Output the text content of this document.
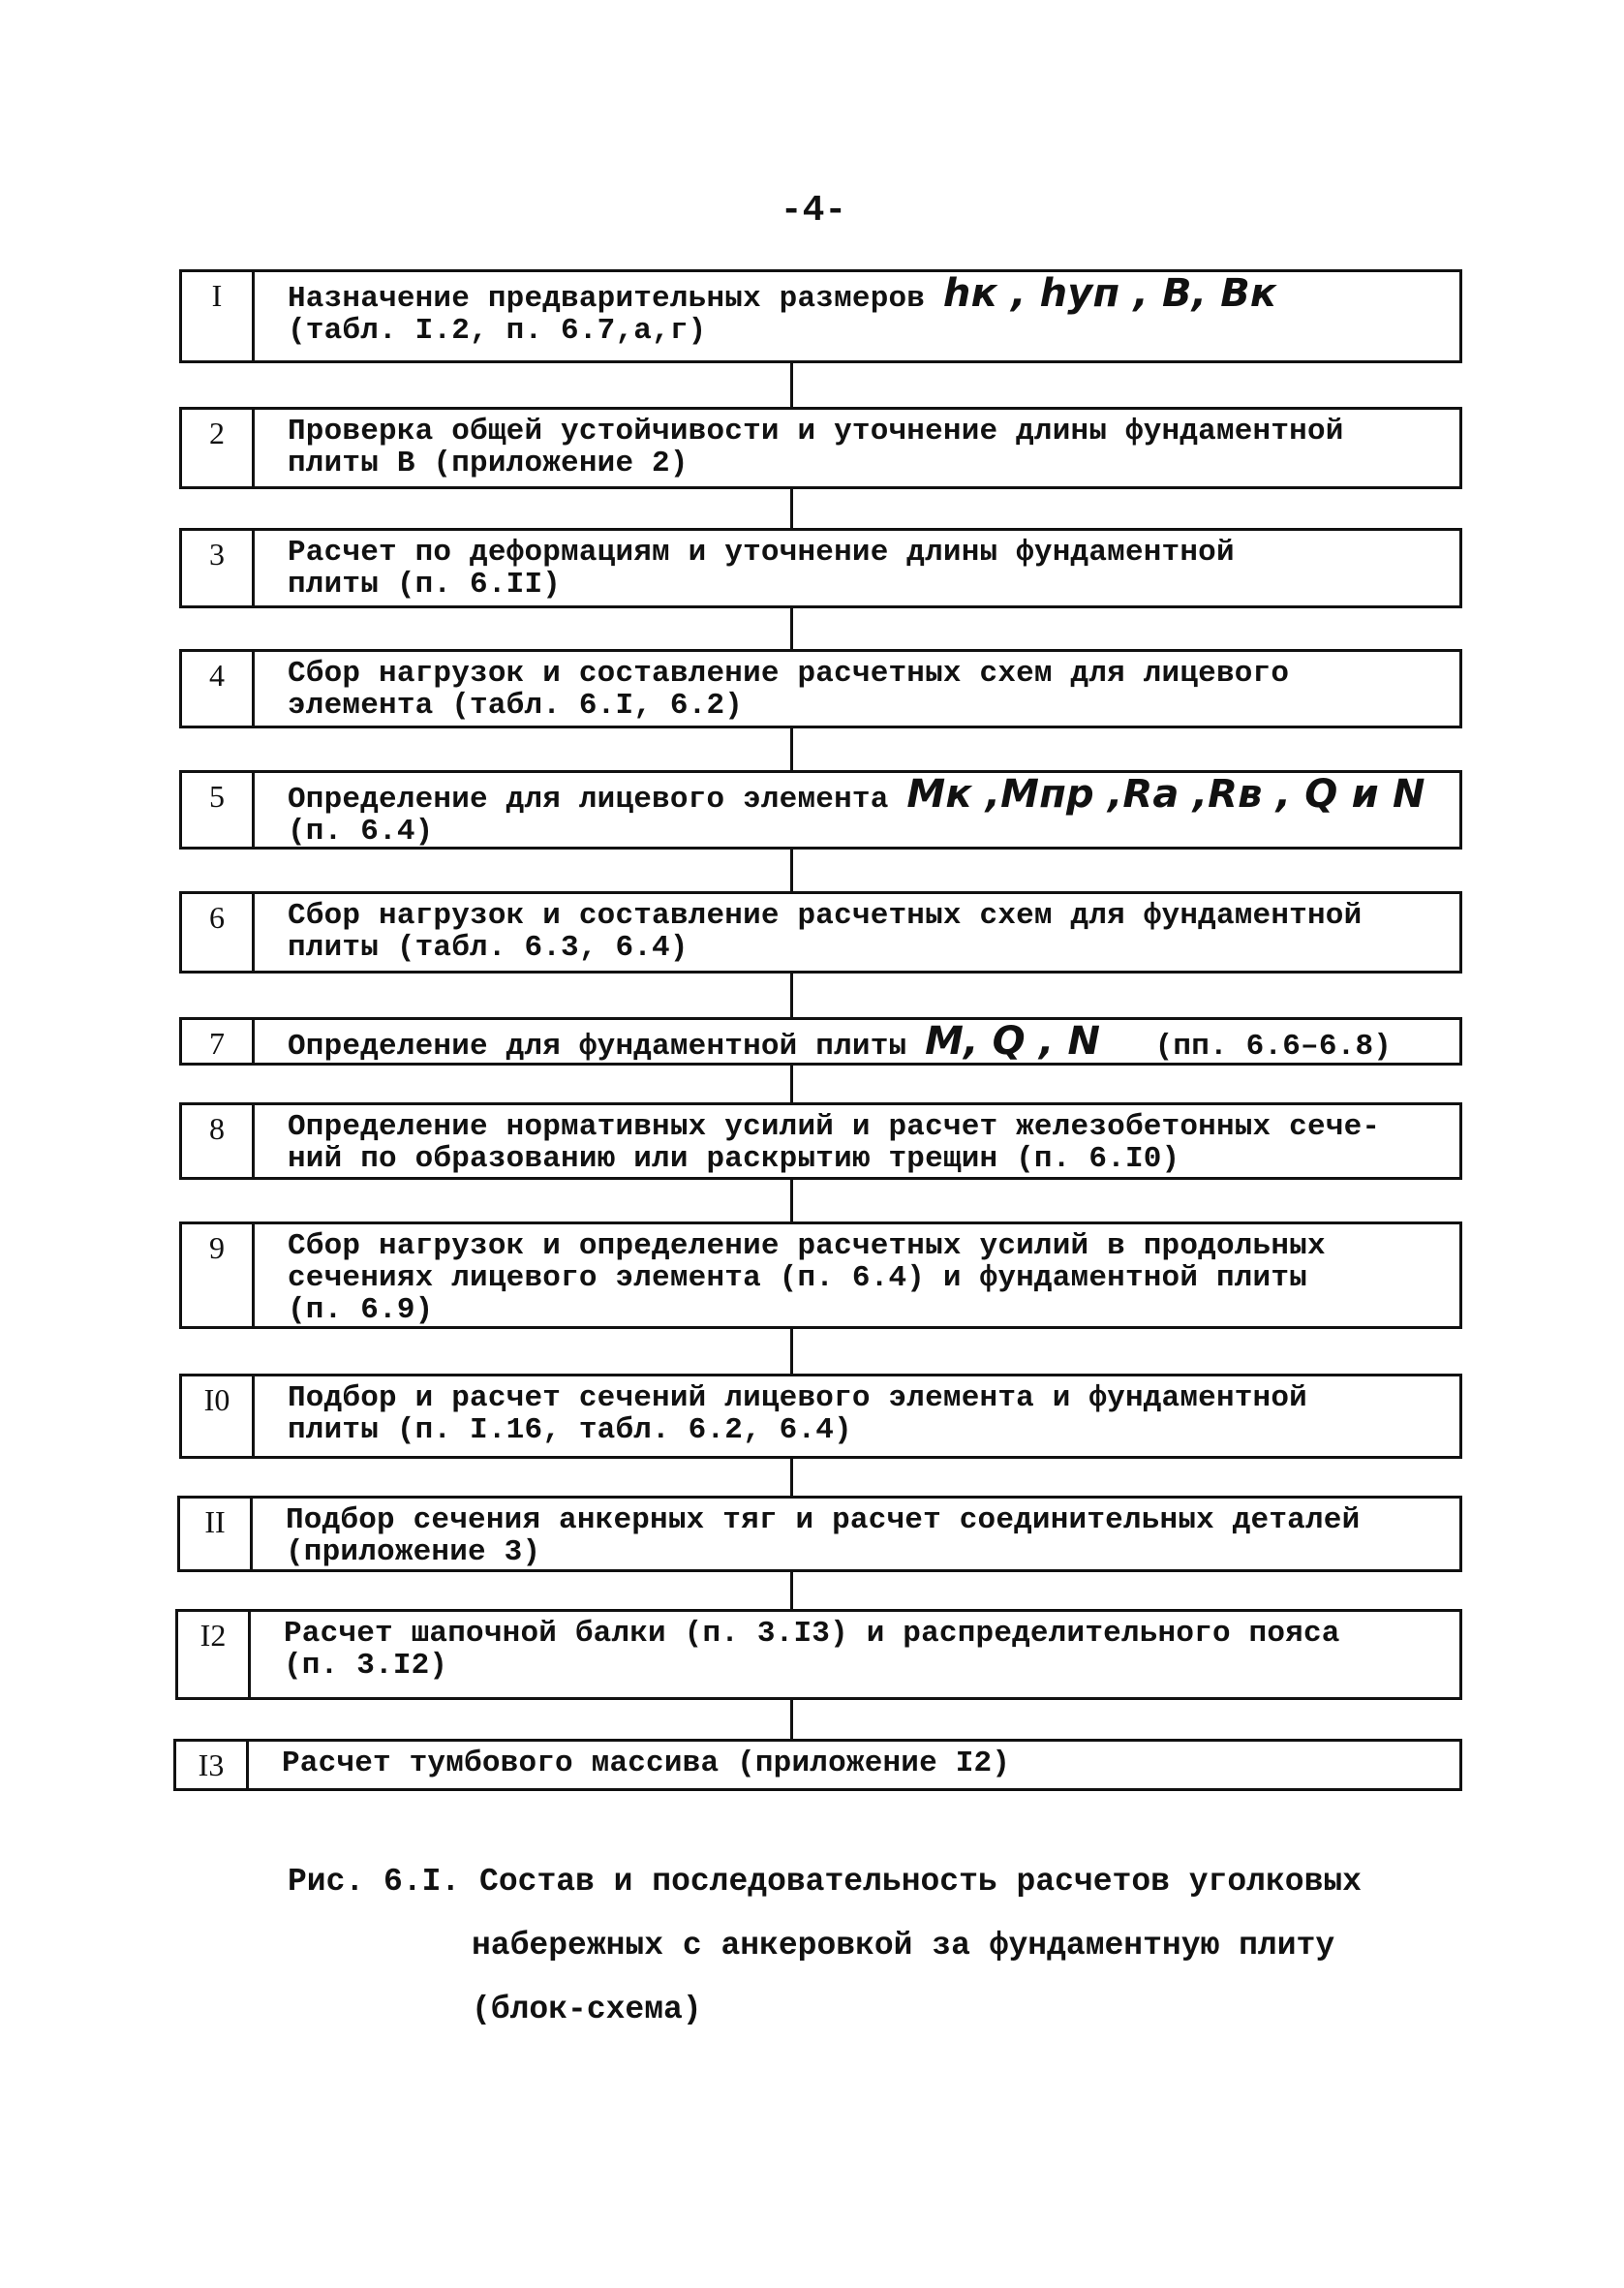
-4-
I	Назначение предварительных размеров hк , hуп , B, Bк
(табл. I.2, п. 6.7,а,г)
2	Проверка общей устойчивости и уточнение длины фундаментной
плиты В (приложение 2)
3	Расчет по деформациям и уточнение длины фундаментной
плиты (п. 6.II)
4	Сбор нагрузок и составление расчетных схем для лицевого
элемента (табл. 6.I, 6.2)
5	Определение для лицевого элемента Mк ,Mпр ,Rа ,Rв , Q и N
(п. 6.4)
6	Сбор нагрузок и составление расчетных схем для фундаментной
плиты (табл. 6.3, 6.4)
7	Определение для фундаментной плиты M, Q , N (пп. 6.6–6.8)
8	Определение нормативных усилий и расчет железобетонных сече-
ний по образованию или раскрытию трещин (п. 6.I0)
9	Сбор нагрузок и определение расчетных усилий в продольных
сечениях лицевого элемента (п. 6.4) и фундаментной плиты
(п. 6.9)
I0	Подбор и расчет сечений лицевого элемента и фундаментной
плиты (п. I.16, табл. 6.2, 6.4)
II	Подбор сечения анкерных тяг и расчет соединительных деталей
(приложение 3)
I2	Расчет шапочной балки (п. 3.I3) и распределительного пояса
(п. 3.I2)
I3	Расчет тумбового массива (приложение I2)
Рис. 6.I. Состав и последовательность расчетов уголковых
набережных с анкеровкой за фундаментную плиту
(блок-схема)
